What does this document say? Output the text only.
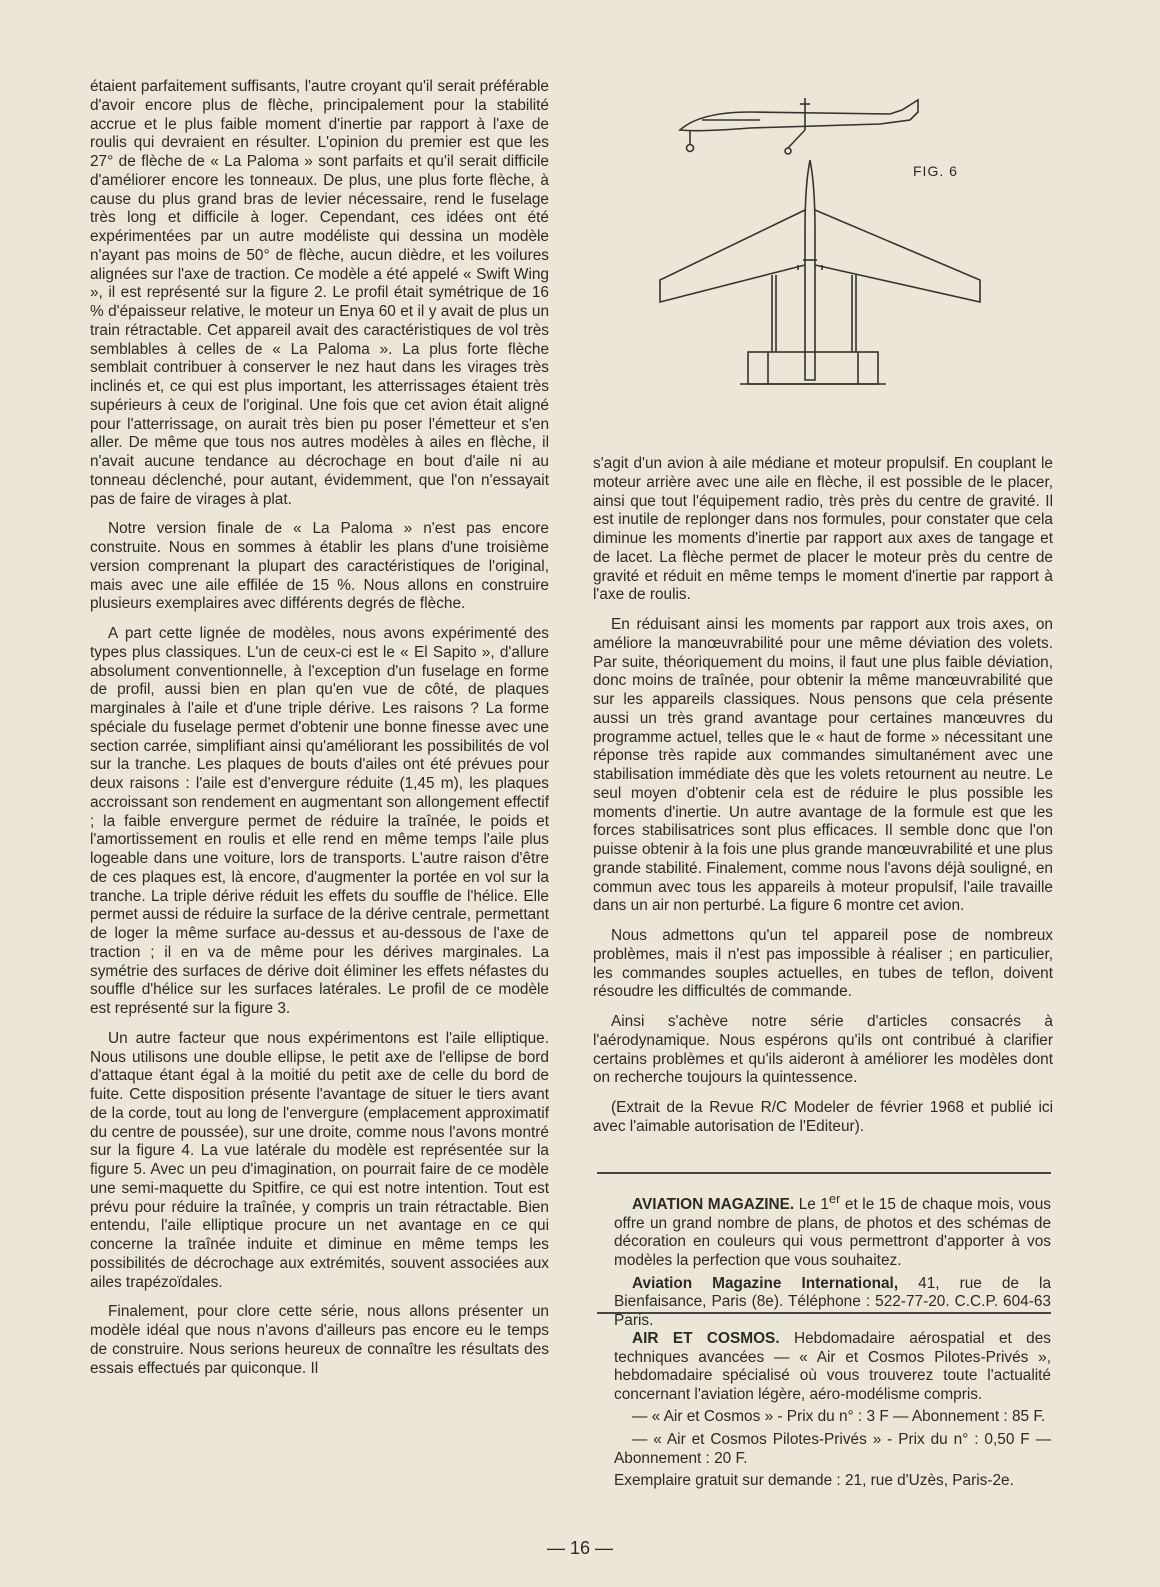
étaient parfaitement suffisants, l'autre croyant qu'il serait préférable d'avoir encore plus de flèche, principalement pour la stabilité accrue et le plus faible moment d'inertie par rapport à l'axe de roulis qui devraient en résulter. L'opinion du premier est que les 27° de flèche de « La Paloma » sont parfaits et qu'il serait difficile d'améliorer encore les tonneaux. De plus, une plus forte flèche, à cause du plus grand bras de levier nécessaire, rend le fuselage très long et difficile à loger. Cependant, ces idées ont été expérimentées par un autre modéliste qui dessina un modèle n'ayant pas moins de 50° de flèche, aucun dièdre, et les voilures alignées sur l'axe de traction. Ce modèle a été appelé « Swift Wing », il est représenté sur la figure 2. Le profil était symétrique de 16 % d'épaisseur relative, le moteur un Enya 60 et il y avait de plus un train rétractable. Cet appareil avait des caractéristiques de vol très semblables à celles de « La Paloma ». La plus forte flèche semblait contribuer à conserver le nez haut dans les virages très inclinés et, ce qui est plus important, les atterrissages étaient très supérieurs à ceux de l'original. Une fois que cet avion était aligné pour l'atterrissage, on aurait très bien pu poser l'émetteur et s'en aller. De même que tous nos autres modèles à ailes en flèche, il n'avait aucune tendance au décrochage en bout d'aile ni au tonneau déclenché, pour autant, évidemment, que l'on n'essayait pas de faire de virages à plat.

Notre version finale de « La Paloma » n'est pas encore construite. Nous en sommes à établir les plans d'une troisième version comprenant la plupart des caractéristiques de l'original, mais avec une aile effilée de 15 %. Nous allons en construire plusieurs exemplaires avec différents degrés de flèche.

A part cette lignée de modèles, nous avons expérimenté des types plus classiques. L'un de ceux-ci est le « El Sapito », d'allure absolument conventionnelle, à l'exception d'un fuselage en forme de profil, aussi bien en plan qu'en vue de côté, de plaques marginales à l'aile et d'une triple dérive. Les raisons ? La forme spéciale du fuselage permet d'obtenir une bonne finesse avec une section carrée, simplifiant ainsi qu'améliorant les possibilités de vol sur la tranche. Les plaques de bouts d'ailes ont été prévues pour deux raisons : l'aile est d'envergure réduite (1,45 m), les plaques accroissant son rendement en augmentant son allongement effectif ; la faible envergure permet de réduire la traînée, le poids et l'amortissement en roulis et elle rend en même temps l'aile plus logeable dans une voiture, lors de transports. L'autre raison d'être de ces plaques est, là encore, d'augmenter la portée en vol sur la tranche. La triple dérive réduit les effets du souffle de l'hélice. Elle permet aussi de réduire la surface de la dérive centrale, permettant de loger la même surface au-dessus et au-dessous de l'axe de traction ; il en va de même pour les dérives marginales. La symétrie des surfaces de dérive doit éliminer les effets néfastes du souffle d'hélice sur les surfaces latérales. Le profil de ce modèle est représenté sur la figure 3.

Un autre facteur que nous expérimentons est l'aile elliptique. Nous utilisons une double ellipse, le petit axe de l'ellipse de bord d'attaque étant égal à la moitié du petit axe de celle du bord de fuite. Cette disposition présente l'avantage de situer le tiers avant de la corde, tout au long de l'envergure (emplacement approximatif du centre de poussée), sur une droite, comme nous l'avons montré sur la figure 4. La vue latérale du modèle est représentée sur la figure 5. Avec un peu d'imagination, on pourrait faire de ce modèle une semi-maquette du Spitfire, ce qui est notre intention. Tout est prévu pour réduire la traînée, y compris un train rétractable. Bien entendu, l'aile elliptique procure un net avantage en ce qui concerne la traînée induite et diminue en même temps les possibilités de décrochage aux extrémités, souvent associées aux ailes trapézoïdales.

Finalement, pour clore cette série, nous allons présenter un modèle idéal que nous n'avons d'ailleurs pas encore eu le temps de construire. Nous serions heureux de connaître les résultats des essais effectués par quiconque. Il

FIG. 6

s'agit d'un avion à aile médiane et moteur propulsif. En couplant le moteur arrière avec une aile en flèche, il est possible de le placer, ainsi que tout l'équipement radio, très près du centre de gravité. Il est inutile de replonger dans nos formules, pour constater que cela diminue les moments d'inertie par rapport aux axes de tangage et de lacet. La flèche permet de placer le moteur près du centre de gravité et réduit en même temps le moment d'inertie par rapport à l'axe de roulis.

En réduisant ainsi les moments par rapport aux trois axes, on améliore la manœuvrabilité pour une même déviation des volets. Par suite, théoriquement du moins, il faut une plus faible déviation, donc moins de traînée, pour obtenir la même manœuvrabilité que sur les appareils classiques. Nous pensons que cela présente aussi un très grand avantage pour certaines manœuvres du programme actuel, telles que le « haut de forme » nécessitant une réponse très rapide aux commandes simultanément avec une stabilisation immédiate dès que les volets retournent au neutre. Le seul moyen d'obtenir cela est de réduire le plus possible les moments d'inertie. Un autre avantage de la formule est que les forces stabilisatrices sont plus efficaces. Il semble donc que l'on puisse obtenir à la fois une plus grande manœuvrabilité et une plus grande stabilité. Finalement, comme nous l'avons déjà souligné, en commun avec tous les appareils à moteur propulsif, l'aile travaille dans un air non perturbé. La figure 6 montre cet avion.

Nous admettons qu'un tel appareil pose de nombreux problèmes, mais il n'est pas impossible à réaliser ; en particulier, les commandes souples actuelles, en tubes de teflon, doivent résoudre les difficultés de commande.

Ainsi s'achève notre série d'articles consacrés à l'aérodynamique. Nous espérons qu'ils ont contribué à clarifier certains problèmes et qu'ils aideront à améliorer les modèles dont on recherche toujours la quintessence.

(Extrait de la Revue R/C Modeler de février 1968 et publié ici avec l'aimable autorisation de l'Editeur).

AVIATION MAGAZINE. Le 1er et le 15 de chaque mois, vous offre un grand nombre de plans, de photos et des schémas de décoration en couleurs qui vous permettront d'apporter à vos modèles la perfection que vous souhaitez.

Aviation Magazine International, 41, rue de la Bienfaisance, Paris (8e). Téléphone : 522-77-20. C.C.P. 604-63 Paris.

AIR ET COSMOS. Hebdomadaire aérospatial et des techniques avancées — « Air et Cosmos Pilotes-Privés », hebdomadaire spécialisé où vous trouverez toute l'actualité concernant l'aviation légère, aéro-modélisme compris.

— « Air et Cosmos » - Prix du n° : 3 F — Abonnement : 85 F.

— « Air et Cosmos Pilotes-Privés » - Prix du n° : 0,50 F — Abonnement : 20 F.

Exemplaire gratuit sur demande : 21, rue d'Uzès, Paris-2e.

— 16 —
